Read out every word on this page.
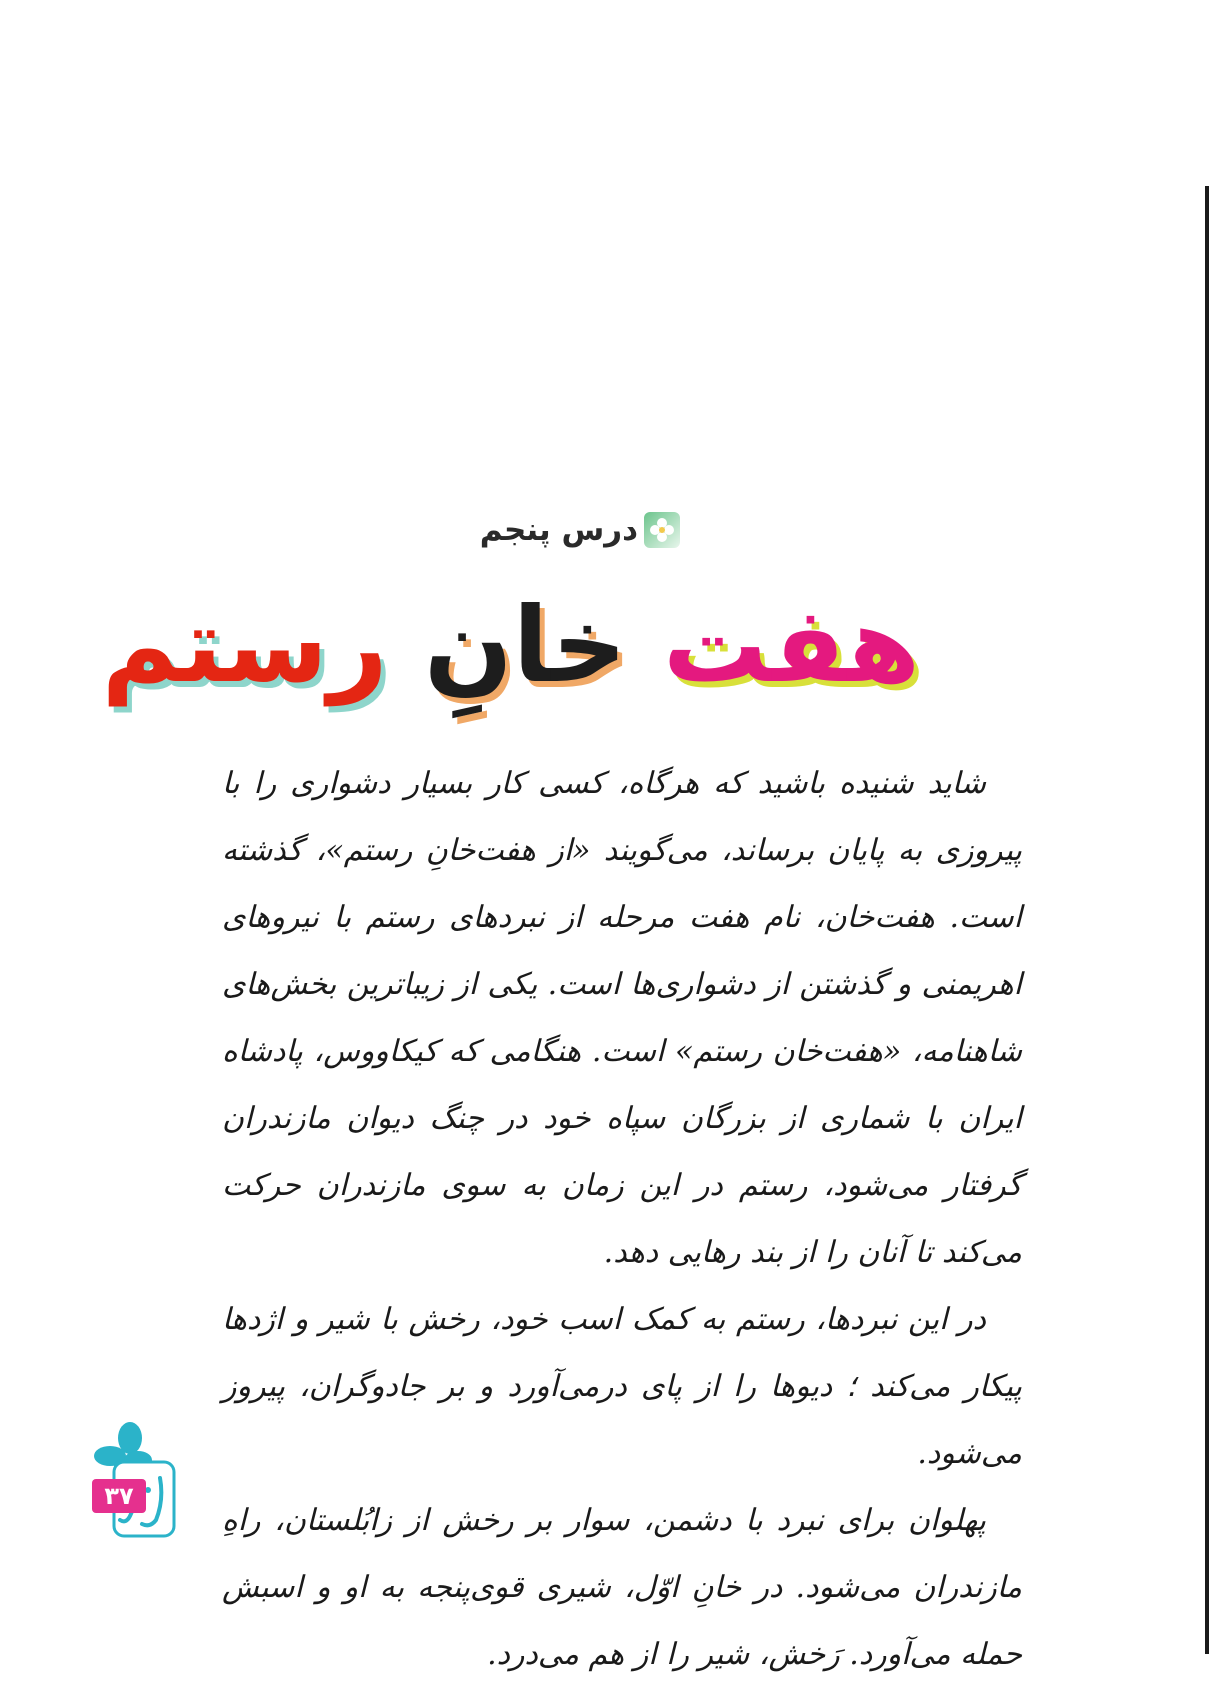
درس پنجم
هفت خانِ رستم

شاید شنیده باشید که هرگاه، کسی کار بسیار دشواری را با پیروزی به پایان برساند، می‌گویند «از هفت‌خانِ رستم»، گذشته است. هفت‌خان، نام هفت مرحله از نبردهای رستم با نیروهای اهریمنی و گذشتن از دشواری‌ها است. یکی از زیباترین بخش‌های شاهنامه، «هفت‌خان رستم» است. هنگامی که کیکاووس، پادشاه ایران با شماری از بزرگان سپاه خود در چنگ دیوان مازندران گرفتار می‌شود، رستم در این زمان به سوی مازندران حرکت می‌کند تا آنان را از بند رهایی دهد.

در این نبردها، رستم به کمک اسب خود، رخش با شیر و اژدها پیکار می‌کند ؛ دیوها را از پای درمی‌آورد و بر جادوگران، پیروز می‌شود.

پهلوان برای نبرد با دشمن، سوار بر رخش از زابُلستان، راهِ مازندران می‌شود. در خانِ اوّل، شیری قوی‌پنجه به او و اسبش حمله می‌آورد. رَخش، شیر را از هم می‌درد.

۳۷
